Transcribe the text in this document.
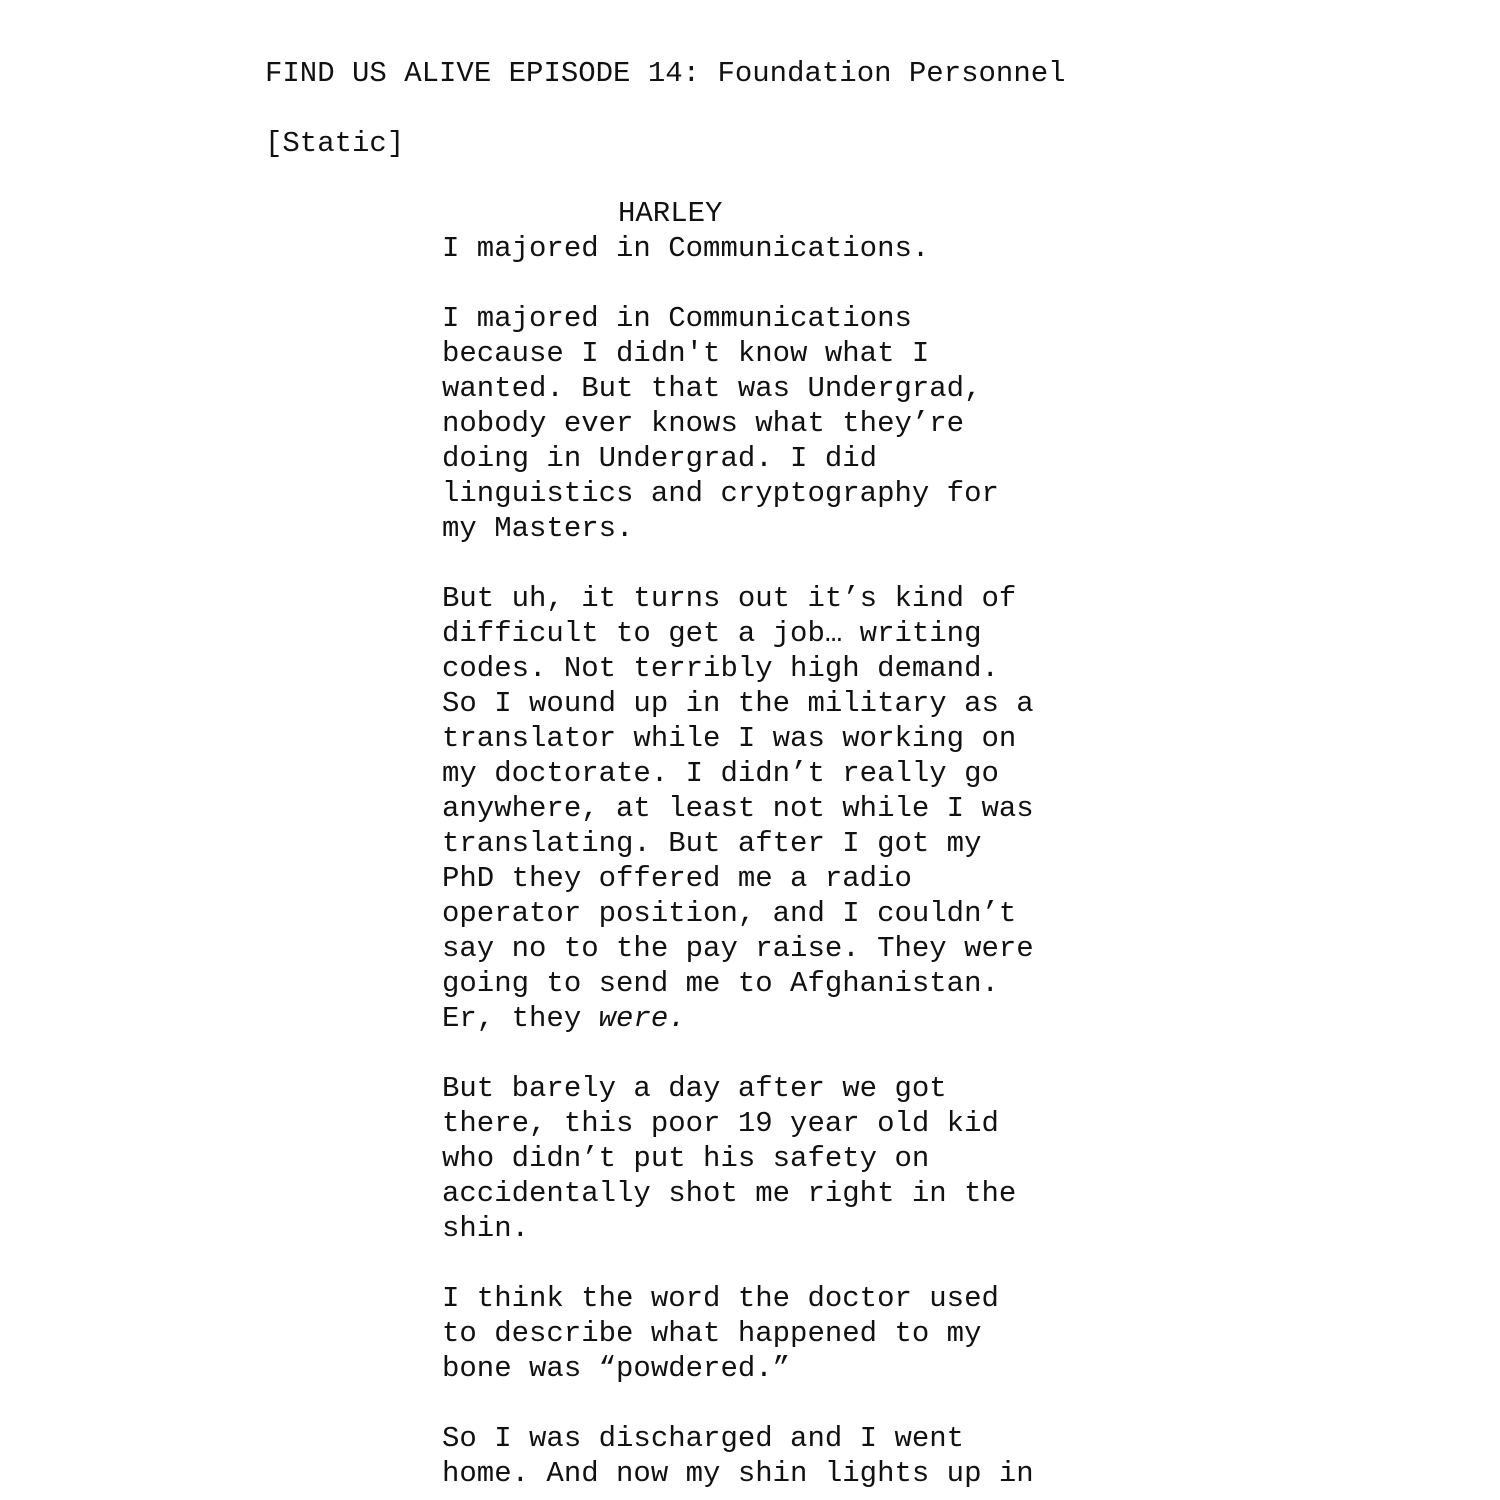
FIND US ALIVE EPISODE 14: Foundation Personnel
[Static]
HARLEY
I majored in Communications.
I majored in Communications
because I didn't know what I
wanted. But that was Undergrad,
nobody ever knows what they’re
doing in Undergrad. I did
linguistics and cryptography for
my Masters.
But uh, it turns out it’s kind of
difficult to get a job… writing
codes. Not terribly high demand.
So I wound up in the military as a
translator while I was working on
my doctorate. I didn’t really go
anywhere, at least not while I was
translating. But after I got my
PhD they offered me a radio
operator position, and I couldn’t
say no to the pay raise. They were
going to send me to Afghanistan.
Er, they were.
But barely a day after we got
there, this poor 19 year old kid
who didn’t put his safety on
accidentally shot me right in the
shin.
I think the word the doctor used
to describe what happened to my
bone was “powdered.”
So I was discharged and I went
home. And now my shin lights up in
